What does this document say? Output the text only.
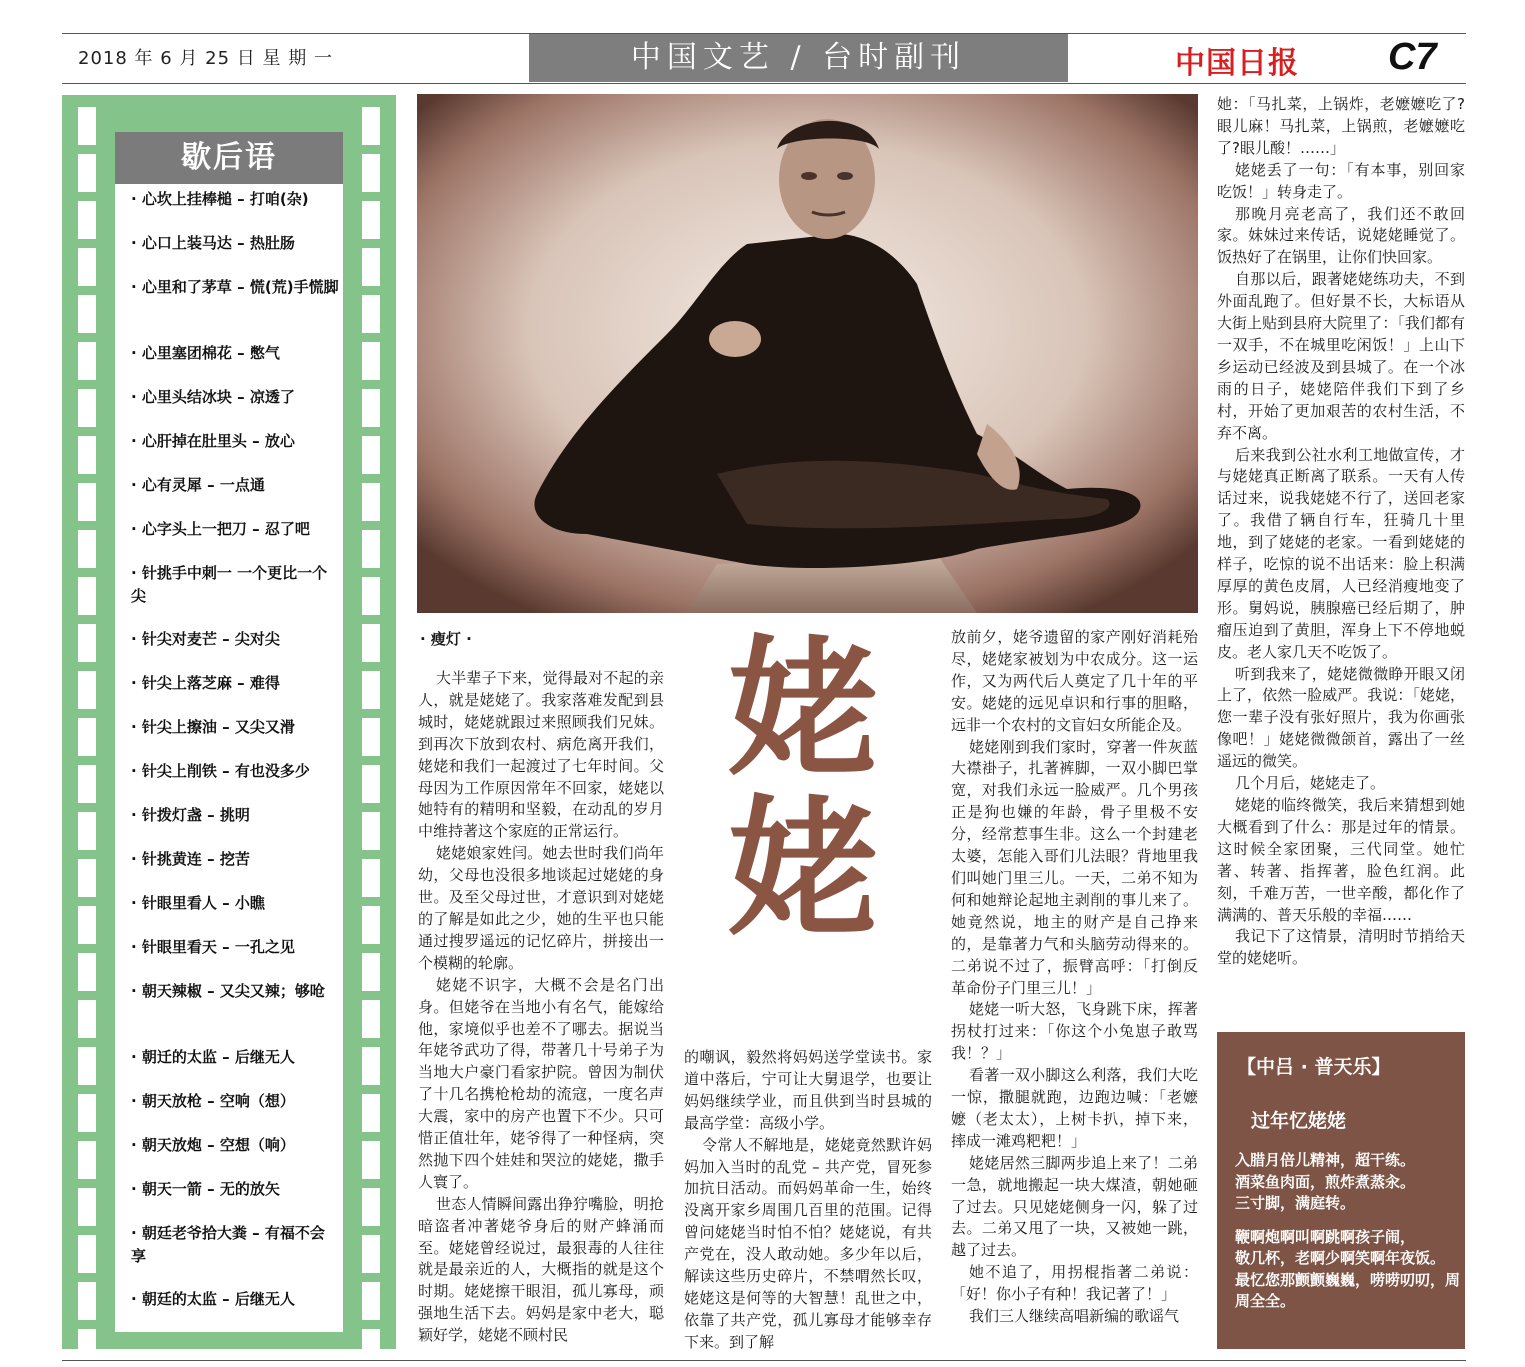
2018 年 6 月 25 日 星 期 一	中国文艺 / 台时副刊	中国日报 C7
歇后语
· 心坎上挂棒槌 – 打咱(杂)
· 心口上装马达 – 热肚肠
· 心里和了茅草 – 慌(荒)手慌脚
· 心里塞团棉花 – 憋气
· 心里头结冰块 – 凉透了
· 心肝掉在肚里头 – 放心
· 心有灵犀 – 一点通
· 心字头上一把刀 – 忍了吧
· 针挑手中刺一 一个更比一个尖
· 针尖对麦芒 – 尖对尖
· 针尖上落芝麻 – 难得
· 针尖上擦油 – 又尖又滑
· 针尖上削铁 – 有也没多少
· 针拨灯盏 – 挑明
· 针挑黄连 – 挖苦
· 针眼里看人 – 小瞧
· 针眼里看天 – 一孔之见
· 朝天辣椒 – 又尖又辣；够呛
· 朝迁的太监 – 后继无人
· 朝天放枪 – 空响（想）
· 朝天放炮 – 空想（响）
· 朝天一箭 – 无的放矢
· 朝廷老爷拾大粪 – 有福不会享
· 朝廷的太监 – 后继无人
· 瘦灯 ·

大半辈子下来，觉得最对不起的亲人，就是姥姥了。我家落难发配到县城时，姥姥就跟过来照顾我们兄妹。到再次下放到农村、病危离开我们，姥姥和我们一起渡过了七年时间。父母因为工作原因常年不回家，姥姥以她特有的精明和坚毅，在动乱的岁月中维持著这个家庭的正常运行。

姥姥娘家姓闫。她去世时我们尚年幼，父母也没很多地谈起过姥姥的身世。及至父母过世，才意识到对姥姥的了解是如此之少，她的生平也只能通过搜罗遥远的记忆碎片，拼接出一个模糊的轮廓。

姥姥不识字，大概不会是名门出身。但姥爷在当地小有名气，能嫁给他，家境似乎也差不了哪去。据说当年姥爷武功了得，带著几十号弟子为当地大户豪门看家护院。曾因为制伏了十几名携枪枪劫的流寇，一度名声大震，家中的房产也置下不少。只可惜正值壮年，姥爷得了一种怪病，突然抛下四个娃娃和哭泣的姥姥，撒手人寰了。

世态人情瞬间露出狰狞嘴脸，明抢暗盗者冲著姥爷身后的财产蜂涌而至。姥姥曾经说过，最狠毒的人往往就是最亲近的人，大概指的就是这个时期。姥姥擦干眼泪，孤儿寡母，顽强地生活下去。妈妈是家中老大，聪颖好学，姥姥不顾村民

姥
姥

的嘲讽，毅然将妈妈送学堂读书。家道中落后，宁可让大舅退学，也要让妈妈继续学业，而且供到当时县城的最高学堂：高级小学。

令常人不解地是，姥姥竟然默许妈妈加入当时的乱党 – 共产党，冒死参加抗日活动。而妈妈革命一生，始终没离开家乡周围几百里的范围。记得曾问姥姥当时怕不怕？姥姥说，有共产党在，没人敢动她。多少年以后，解读这些历史碎片，不禁喟然长叹，姥姥这是何等的大智慧！乱世之中，依靠了共产党，孤儿寡母才能够幸存下来。到了解

放前夕，姥爷遗留的家产刚好消耗殆尽，姥姥家被划为中农成分。这一运作，又为两代后人奠定了几十年的平安。姥姥的远见卓识和行事的胆略，远非一个农村的文盲妇女所能企及。

姥姥刚到我们家时，穿著一件灰蓝大襟褂子，扎著裤脚，一双小脚巴掌宽，对我们永远一脸威严。几个男孩正是狗也嫌的年龄，骨子里极不安分，经常惹事生非。这么一个封建老太婆，怎能入哥们儿法眼？背地里我们叫她门里三儿。一天，二弟不知为何和她辩论起地主剥削的事儿来了。她竟然说，地主的财产是自己挣来的，是靠著力气和头脑劳动得来的。二弟说不过了，振臂高呼：「打倒反革命份子门里三儿！」

姥姥一听大怒，飞身跳下床，挥著拐杖打过来：「你这个小兔崽子敢骂我！？」

看著一双小脚这么利落，我们大吃一惊，撒腿就跑，边跑边喊：「老嬷嬷（老太太），上树卡扒，掉下来，摔成一滩鸡粑粑！」

姥姥居然三脚两步追上来了！二弟一急，就地搬起一块大煤渣，朝她砸了过去。只见姥姥侧身一闪，躲了过去。二弟又甩了一块，又被她一跳，越了过去。

她不追了，用拐棍指著二弟说：「好！你小子有种！我记著了！」

我们三人继续高唱新编的歌谣气

她：「马扎菜，上锅炸，老嬷嬷吃了?眼儿麻！马扎菜，上锅煎，老嬷嬷吃了?眼儿酸！……」

姥姥丢了一句：「有本事，别回家吃饭！」转身走了。

那晚月亮老高了，我们还不敢回家。妹妹过来传话，说姥姥睡觉了。饭热好了在锅里，让你们快回家。

自那以后，跟著姥姥练功夫，不到外面乱跑了。但好景不长，大标语从大街上贴到县府大院里了：「我们都有一双手，不在城里吃闲饭！」上山下乡运动已经波及到县城了。在一个冰雨的日子，姥姥陪伴我们下到了乡村，开始了更加艰苦的农村生活，不弃不离。

后来我到公社水利工地做宣传，才与姥姥真正断离了联系。一天有人传话过来，说我姥姥不行了，送回老家了。我借了辆自行车，狂骑几十里地，到了姥姥的老家。一看到姥姥的样子，吃惊的说不出话来：脸上积满厚厚的黄色皮屑，人已经消瘦地变了形。舅妈说，胰腺癌已经后期了，肿瘤压迫到了黄胆，浑身上下不停地蜕皮。老人家几天不吃饭了。

听到我来了，姥姥微微睁开眼又闭上了，依然一脸威严。我说：「姥姥，您一辈子没有张好照片，我为你画张像吧！」姥姥微微颌首，露出了一丝遥远的微笑。

几个月后，姥姥走了。

姥姥的临终微笑，我后来猜想到她大概看到了什么：那是过年的情景。这时候全家团聚，三代同堂。她忙著、转著、指挥著，脸色红润。此刻，千难万苦，一世辛酸，都化作了满满的、普天乐般的幸福……

我记下了这情景，清明时节捎给天堂的姥姥听。

【中吕 · 普天乐】
过年忆姥姥
入腊月倍儿精神，超干练。
酒菜鱼肉面，煎炸煮蒸汆。
三寸脚，满庭转。
鞭啊炮啊叫啊跳啊孩子闹，
敬几杯，老啊少啊笑啊年夜饭。
最忆您那颤颤巍巍，唠唠叨叨，周周全全。
